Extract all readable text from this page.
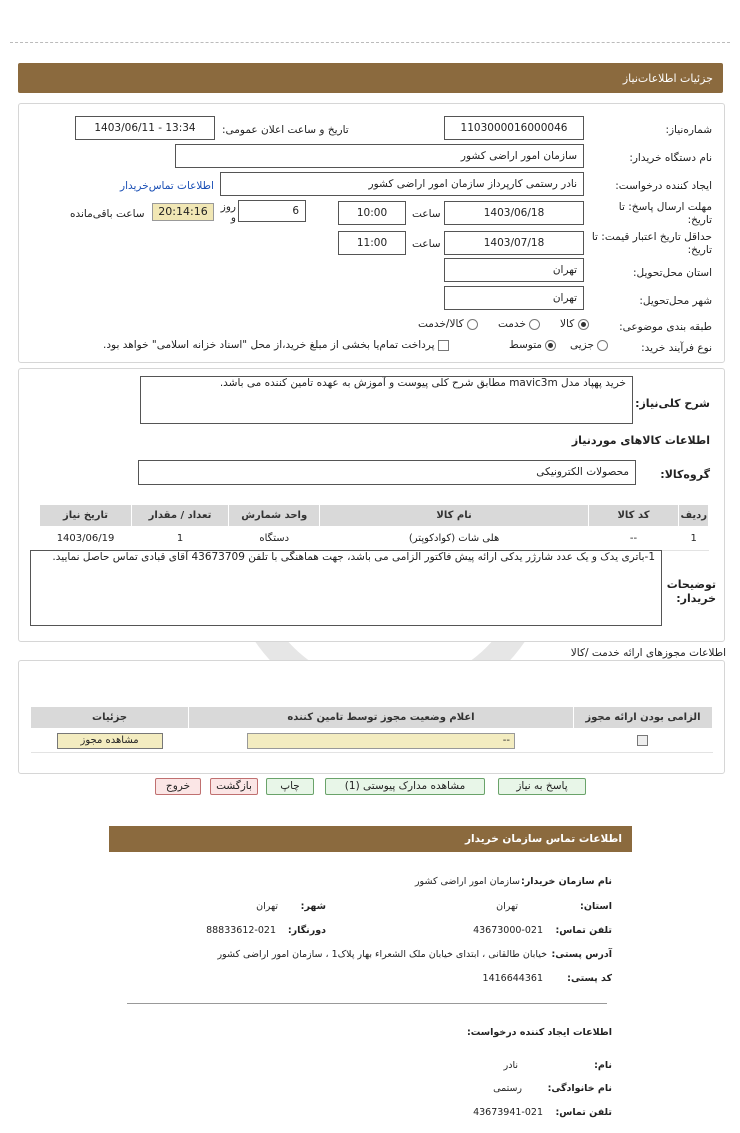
جزئیات اطلاعات‌نیاز
شماره‌نیاز:
1103000016000046
تاریخ و ساعت اعلان عمومی:
1403/06/11 - 13:34
نام دستگاه خریدار:
سازمان امور اراضی کشور
ایجاد کننده درخواست:
نادر رستمی کارپرداز سازمان امور اراضی کشور
اطلاعات تماس‌خریدار
مهلت ارسال پاسخ: تا تاریخ:
1403/06/18
ساعت
10:00
6
روز و
20:14:16
ساعت باقی‌مانده
حداقل تاریخ اعتبار قیمت: تا تاریخ:
1403/07/18
ساعت
11:00
استان محل‌تحویل:
تهران
شهر محل‌تحویل:
تهران
طبقه بندی موضوعی:
کالا
خدمت
کالا/خدمت
نوع فرآیند خرید:
جزیی
متوسط
پرداخت تمام‌یا بخشی از مبلغ خرید،از محل "اسناد خزانه اسلامی" خواهد بود.
شرح کلی‌نیاز:
خرید پهپاد مدل mavic3m مطابق شرح کلی پیوست و آموزش به عهده تامین کننده می باشد.
اطلاعات کالاهای موردنیاز
گروه‌کالا:
محصولات الکترونیکی
ردیف	کد کالا	نام کالا	واحد شمارش	تعداد / مقدار	تاریخ نیاز
1	--	هلی شات (کوادکوپتر)	دستگاه	1	1403/06/19
توضیحات خریدار:
1-باتری یدک و یک عدد شارژر یدکی ارائه پیش فاکتور الزامی می باشد، جهت هماهنگی با تلفن 43673709 آقای قبادی تماس حاصل نمایید.
اطلاعات مجوزهای ارائه خدمت /کالا
الزامی بودن ارائه مجوز	اعلام وضعیت مجوز توسط تامین کننده	جزئیات

	--	مشاهده مجوز
پاسخ به نیاز
مشاهده مدارک پیوستی (1)
چاپ
بازگشت
خروج
اطلاعات تماس سازمان خریدار
نام سازمان خریدار:
سازمان امور اراضی کشور
استان:
تهران
شهر:
تهران
تلفن تماس:
43673000-021
دورنگار:
88833612-021
آدرس پستی:
خیابان طالقانی ، ابتدای خیابان ملک الشعراء بهار پلاک1 ، سازمان امور اراضی کشور
کد پستی:
1416644361
اطلاعات ایجاد کننده درخواست:
نام:
نادر
نام خانوادگی:
رستمی
تلفن تماس:
43673941-021
